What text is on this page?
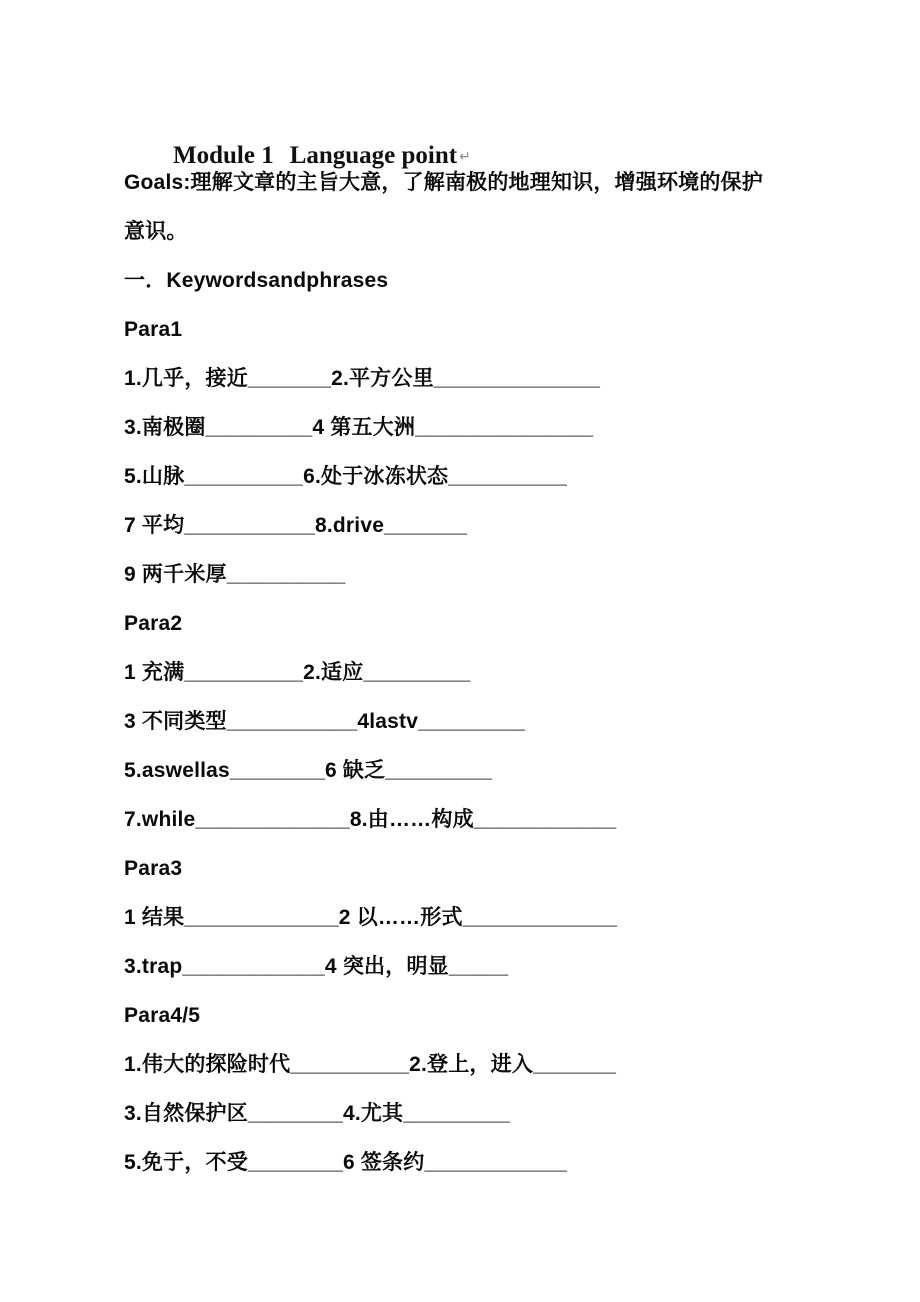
Module 1 Language point ↵

Goals:理解文章的主旨大意，了解南极的地理知识，增强环境的保护
意识。
一．Keywordsandphrases
Para1
1.几乎，接近_______2.平方公里______________
3.南极圈_________4 第五大洲_______________
5.山脉__________6.处于冰冻状态__________
7 平均___________8.drive_______
9 两千米厚__________
Para2
1 充满__________2.适应_________
3 不同类型___________4lastv_________
5.aswellas________6 缺乏_________
7.while_____________8.由……构成____________
Para3
1 结果_____________2 以……形式_____________
3.trap____________4 突出，明显_____
Para4/5
1.伟大的探险时代__________2.登上，进入_______
3.自然保护区________4.尤其_________
5.免于，不受________6 签条约____________
